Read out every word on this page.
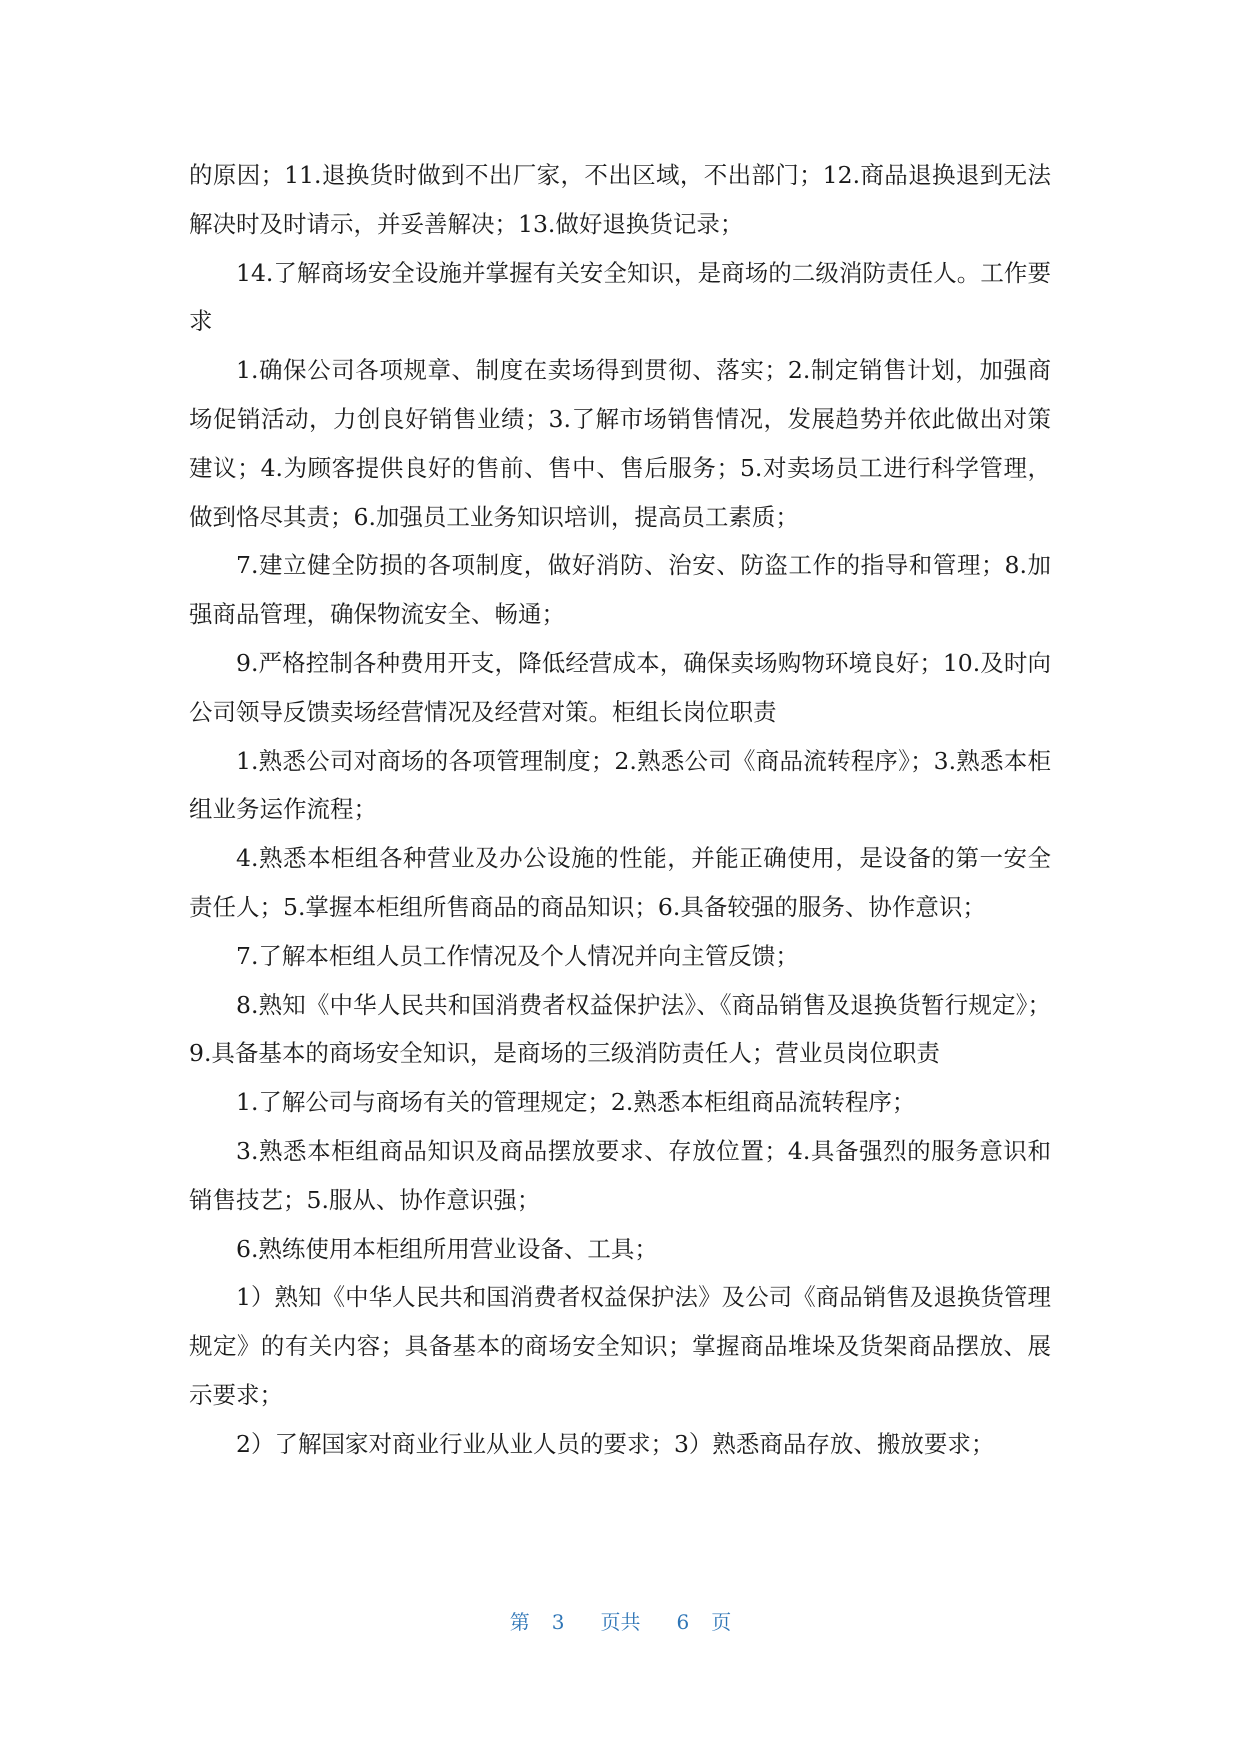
的原因；11.退换货时做到不出厂家，不出区域，不出部门；12.商品退换退到无法解决时及时请示，并妥善解决；13.做好退换货记录；

14.了解商场安全设施并掌握有关安全知识，是商场的二级消防责任人。工作要求

1.确保公司各项规章、制度在卖场得到贯彻、落实；2.制定销售计划，加强商场促销活动，力创良好销售业绩；3.了解市场销售情况，发展趋势并依此做出对策建议；4.为顾客提供良好的售前、售中、售后服务；5.对卖场员工进行科学管理，做到恪尽其责；6.加强员工业务知识培训，提高员工素质；

7.建立健全防损的各项制度，做好消防、治安、防盗工作的指导和管理；8.加强商品管理，确保物流安全、畅通；

9.严格控制各种费用开支，降低经营成本，确保卖场购物环境良好；10.及时向公司领导反馈卖场经营情况及经营对策。柜组长岗位职责

1.熟悉公司对商场的各项管理制度；2.熟悉公司《商品流转程序》；3.熟悉本柜组业务运作流程；

4.熟悉本柜组各种营业及办公设施的性能，并能正确使用，是设备的第一安全责任人；5.掌握本柜组所售商品的商品知识；6.具备较强的服务、协作意识；

7.了解本柜组人员工作情况及个人情况并向主管反馈；

8.熟知《中华人民共和国消费者权益保护法》、《商品销售及退换货暂行规定》；9.具备基本的商场安全知识，是商场的三级消防责任人；营业员岗位职责

1.了解公司与商场有关的管理规定；2.熟悉本柜组商品流转程序；

3.熟悉本柜组商品知识及商品摆放要求、存放位置；4.具备强烈的服务意识和销售技艺；5.服从、协作意识强；

6.熟练使用本柜组所用营业设备、工具；

1）熟知《中华人民共和国消费者权益保护法》及公司《商品销售及退换货管理规定》的有关内容；具备基本的商场安全知识；掌握商品堆垛及货架商品摆放、展示要求；

2）了解国家对商业行业从业人员的要求；3）熟悉商品存放、搬放要求；

第 3 页共 6 页
